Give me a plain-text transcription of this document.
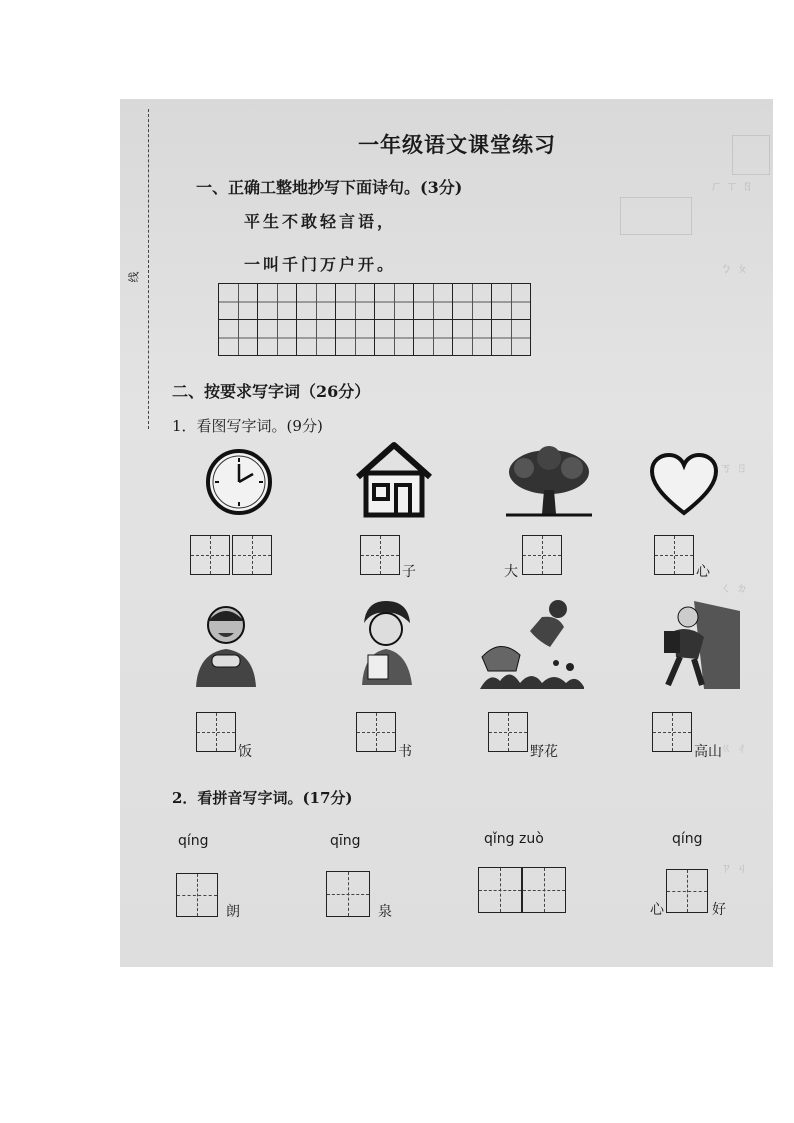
线
ㄏ ㄒ ㄖ
ㄅ ㄆ
ㄎ ㄖ
ㄑ ㄉ
ㄍ ㄔ
ㄗ ㄐ
一年级语文课堂练习
一、正确工整地抄写下面诗句。(3分)
平生不敢轻言语，
一叫千门万户开。

二、按要求写字词（26分）
1．看图写字词。(9分)
子	大	心
饭	书	野花	高山
2．看拼音写字词。(17分)
qíng
朗
qīng
泉
qǐng zuò	qíng
心	好
